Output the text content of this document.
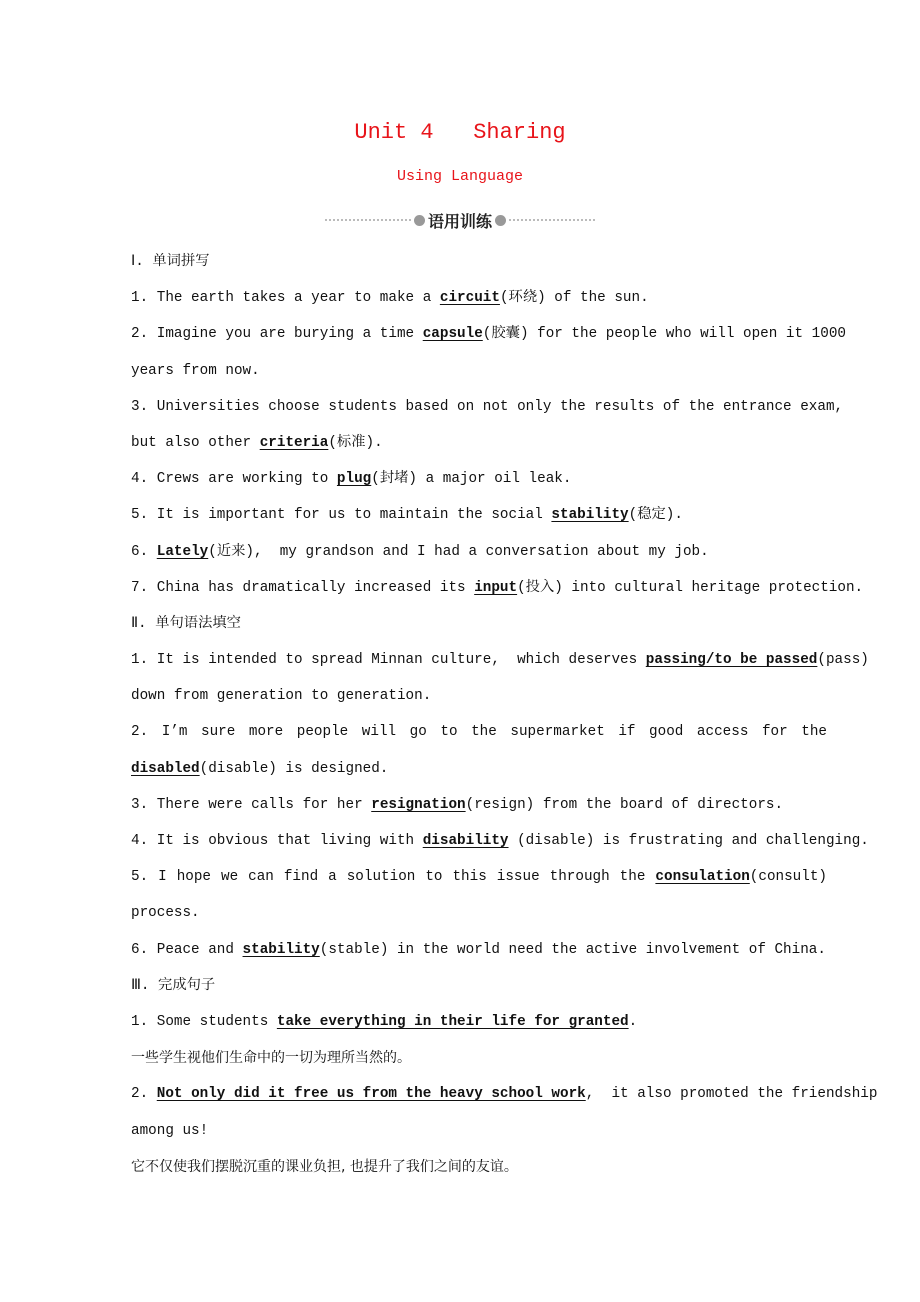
Unit 4   Sharing
Using Language
语用训练
Ⅰ. 单词拼写
1. The earth takes a year to make a circuit(环绕) of the sun.
2. Imagine you are burying a time capsule(胶囊) for the people who will open it 1000
years from now.
3. Universities choose students based on not only the results of the entrance exam,
but also other criteria(标准).
4. Crews are working to plug(封堵) a major oil leak.
5. It is important for us to maintain the social stability(稳定).
6. Lately(近来),  my grandson and I had a conversation about my job.
7. China has dramatically increased its input(投入) into cultural heritage protection.
Ⅱ. 单句语法填空
1. It is intended to spread Minnan culture,  which deserves passing/to be passed(pass)
down from generation to generation.
2. I’m sure more people will go to the supermarket if good access for the
disabled(disable) is designed.
3. There were calls for her resignation(resign) from the board of directors.
4. It is obvious that living with disability (disable) is frustrating and challenging.
5. I hope we can find a solution to this issue through the consulation(consult)
process.
6. Peace and stability(stable) in the world need the active involvement of China.
Ⅲ. 完成句子
1. Some students take everything in their life for granted.
一些学生视他们生命中的一切为理所当然的。
2. Not only did it free us from the heavy school work,  it also promoted the friendship
among us!
它不仅使我们摆脱沉重的课业负担, 也提升了我们之间的友谊。
